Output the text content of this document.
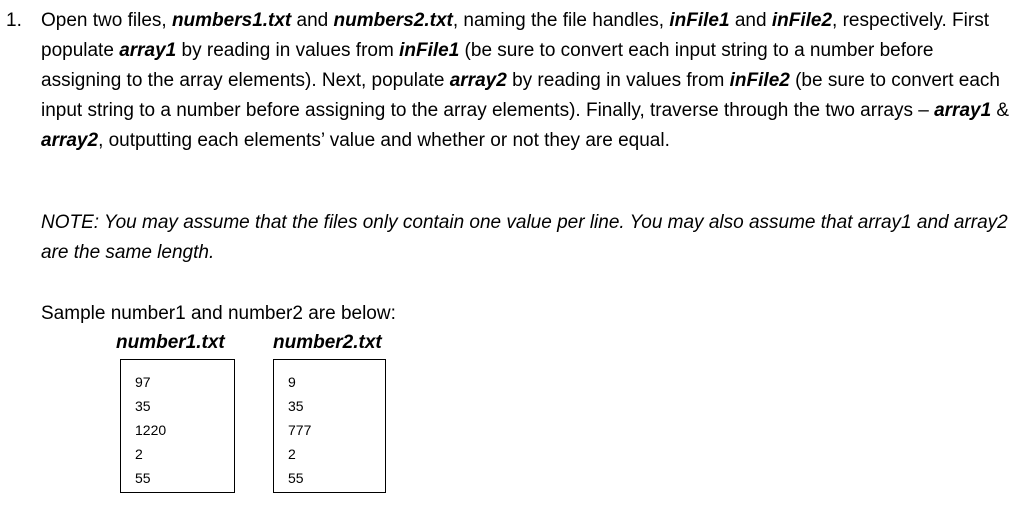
1. Open two files, numbers1.txt and numbers2.txt, naming the file handles, inFile1 and inFile2, respectively. First populate array1 by reading in values from inFile1 (be sure to convert each input string to a number before assigning to the array elements). Next, populate array2 by reading in values from inFile2 (be sure to convert each input string to a number before assigning to the array elements). Finally, traverse through the two arrays – array1 & array2, outputting each elements’ value and whether or not they are equal.
NOTE: You may assume that the files only contain one value per line. You may also assume that array1 and array2 are the same length.
Sample number1 and number2 are below:
number1.txt	number2.txt
97
35
1220
2
55
9
35
777
2
55
